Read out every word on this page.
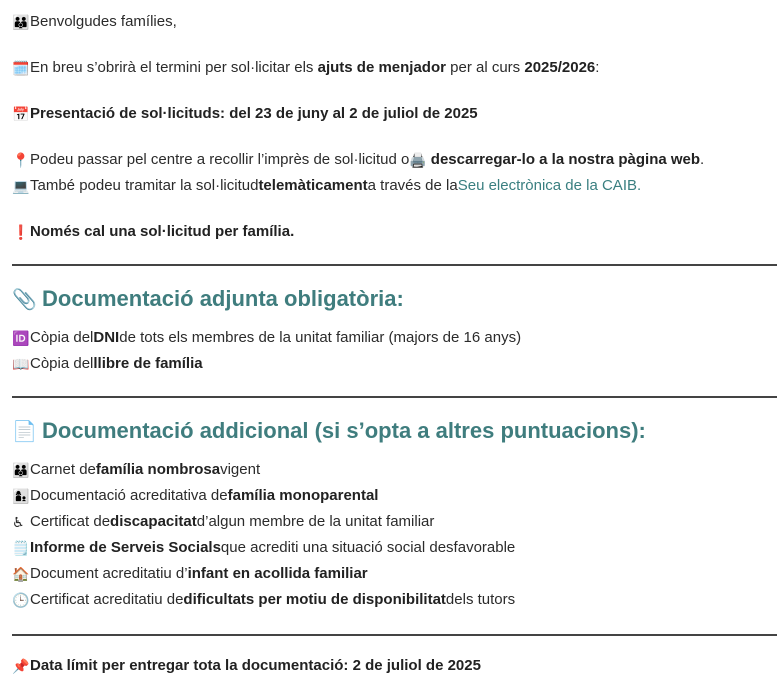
👪 Benvolgudes famílies,
🗓️ En breu s’obrirà el termini per sol·licitar els ajuts de menjador per al curs 2025/2026:
📅 Presentació de sol·licituds: del 23 de juny al 2 de juliol de 2025
📍 Podeu passar pel centre a recollir l’imprès de sol·licitud o 🖨️ descarregar-lo a la nostra pàgina web .
💻 També podeu tramitar la sol·licitud telemàticament a través de la Seu electrònica de la CAIB .
❗ Només cal una sol·licitud per família.
📎 Documentació adjunta obligatòria:
🆔 Còpia del DNI de tots els membres de la unitat familiar (majors de 16 anys)
📖 Còpia del llibre de família
📄 Documentació addicional (si s’opta a altres puntuacions):
👪 Carnet de família nombrosa vigent
👩‍👦 Documentació acreditativa de família monoparental
♿ Certificat de discapacitat d’algun membre de la unitat familiar
🗒️ Informe de Serveis Socials que acrediti una situació social desfavorable
🏠 Document acreditatiu d’ infant en acollida familiar
🕒 Certificat acreditatiu de dificultats per motiu de disponibilitat dels tutors
📌 Data límit per entregar tota la documentació: 2 de juliol de 2025
